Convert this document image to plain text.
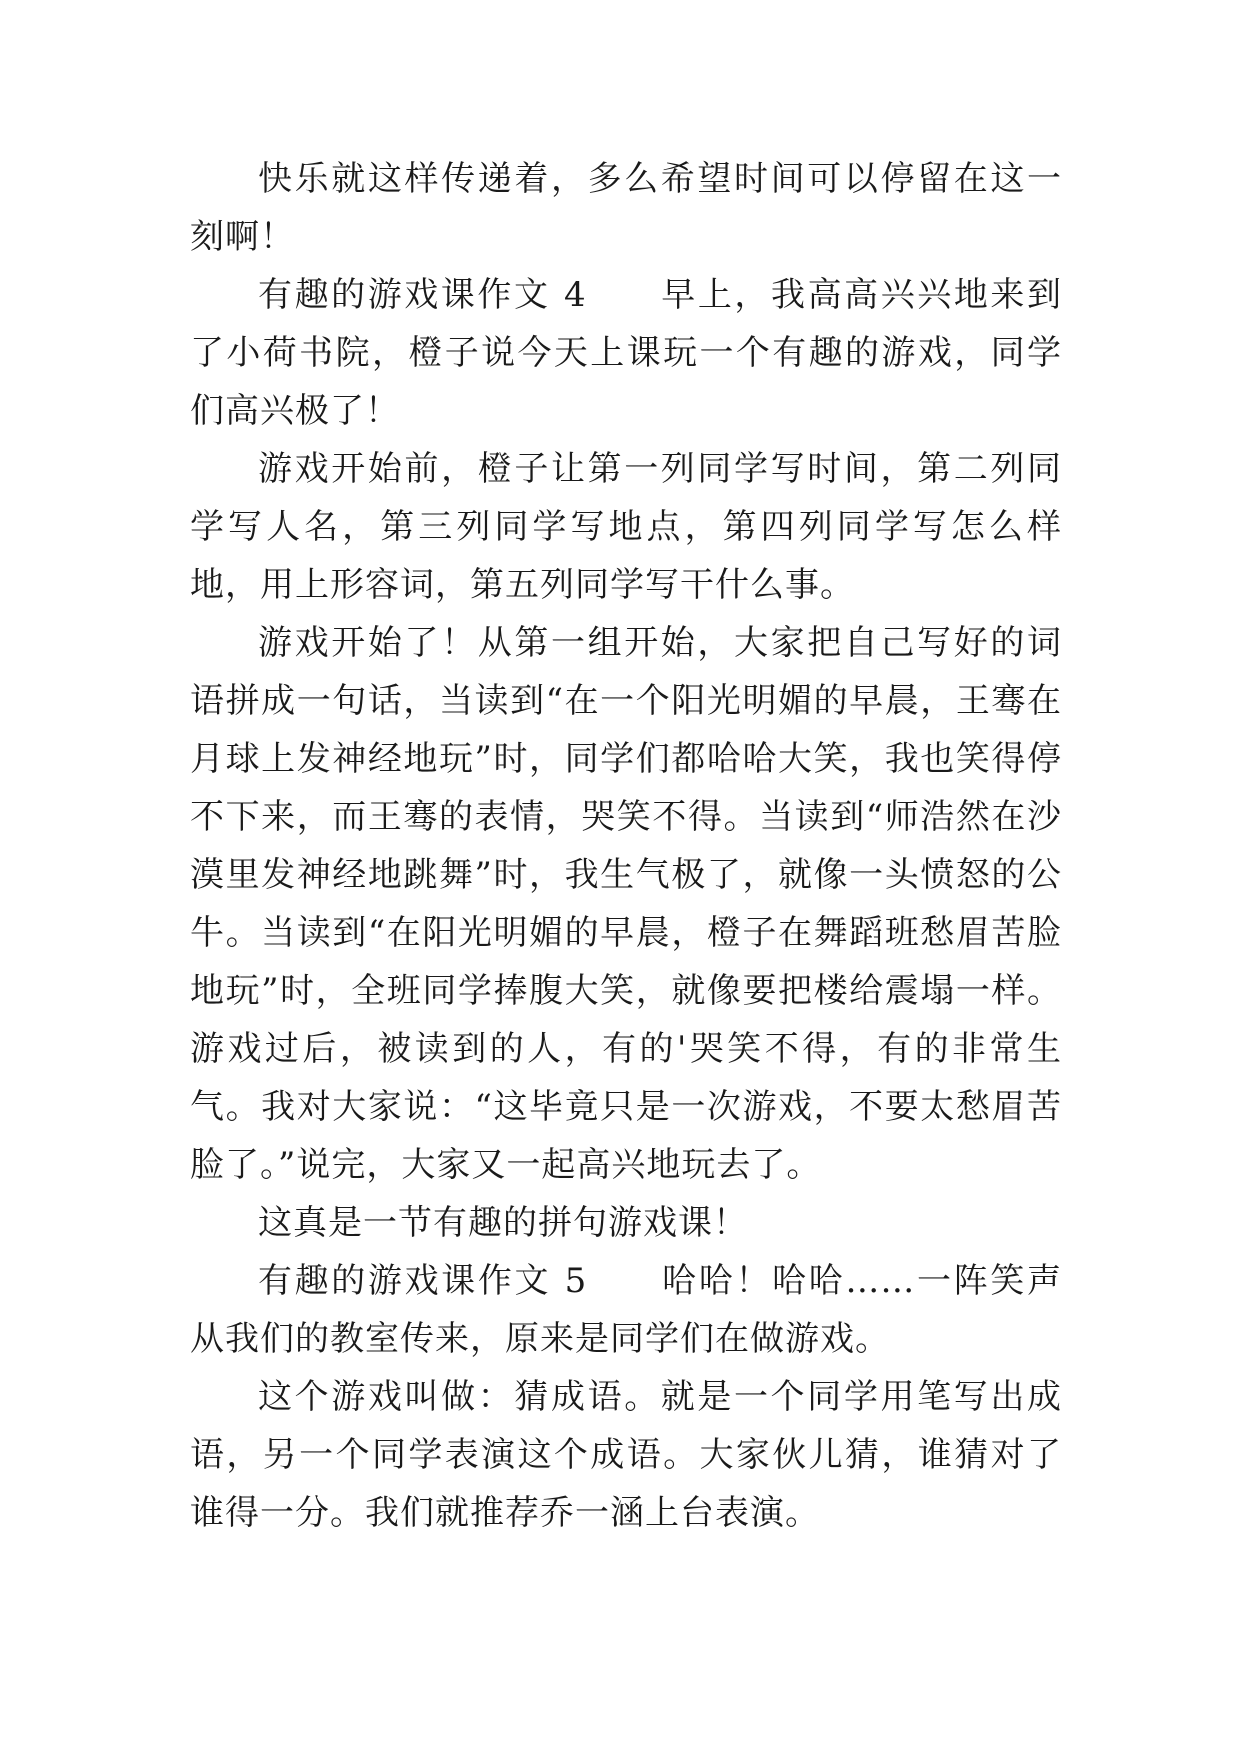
快乐就这样传递着，多么希望时间可以停留在这一刻啊！

有趣的游戏课作文 4　　早上，我高高兴兴地来到了小荷书院，橙子说今天上课玩一个有趣的游戏，同学们高兴极了！

游戏开始前，橙子让第一列同学写时间，第二列同学写人名，第三列同学写地点，第四列同学写怎么样地，用上形容词，第五列同学写干什么事。

游戏开始了！从第一组开始，大家把自己写好的词语拼成一句话，当读到“在一个阳光明媚的早晨，王骞在月球上发神经地玩”时，同学们都哈哈大笑，我也笑得停不下来，而王骞的表情，哭笑不得。当读到“师浩然在沙漠里发神经地跳舞”时，我生气极了，就像一头愤怒的公牛。当读到“在阳光明媚的早晨，橙子在舞蹈班愁眉苦脸地玩”时，全班同学捧腹大笑，就像要把楼给震塌一样。游戏过后，被读到的人，有的'哭笑不得，有的非常生气。我对大家说：“这毕竟只是一次游戏，不要太愁眉苦脸了。”说完，大家又一起高兴地玩去了。

这真是一节有趣的拼句游戏课！

有趣的游戏课作文 5　　哈哈！哈哈……一阵笑声从我们的教室传来，原来是同学们在做游戏。

这个游戏叫做：猜成语。就是一个同学用笔写出成语，另一个同学表演这个成语。大家伙儿猜，谁猜对了谁得一分。我们就推荐乔一涵上台表演。
